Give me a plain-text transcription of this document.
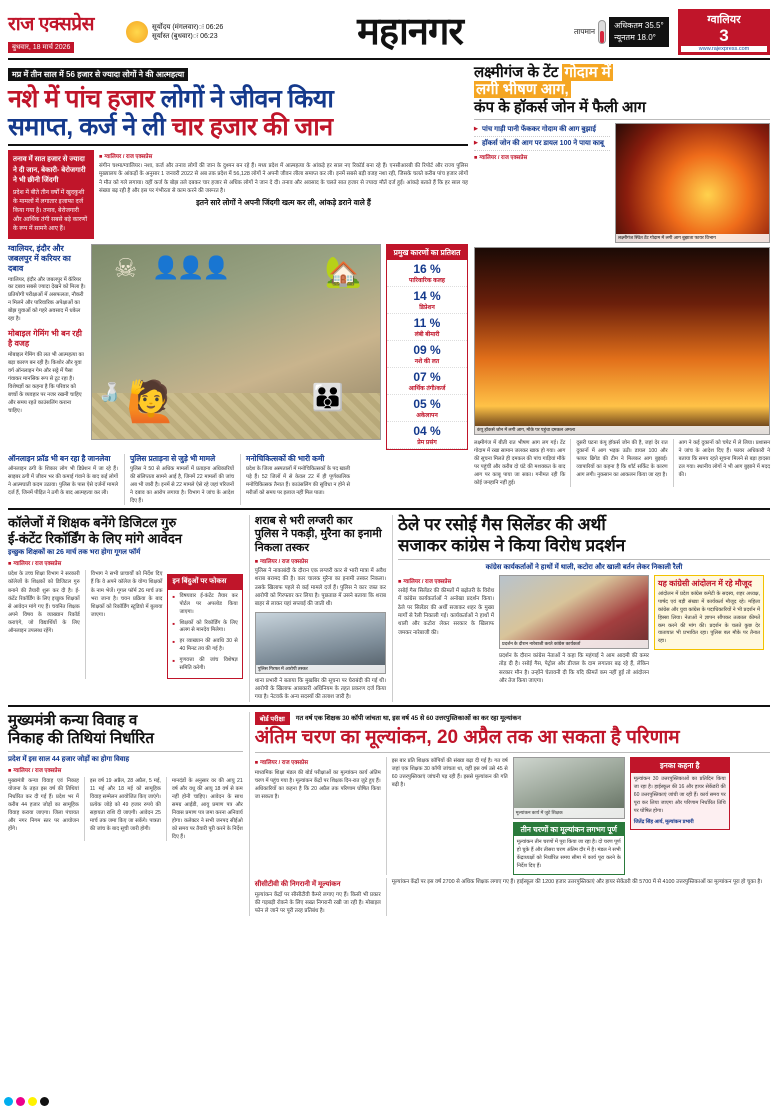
राज एक्सप्रेस
बुधवार, 18 मार्च 2026
सूर्योदय (मंगलवार)ः 06:26
सूर्यास्त (बुधवार)ः 06:23	महानगर	तापमान
अधिकतम 35.5°
न्यूनतम 18.0°
ग्वालियर
3
www.rajexpress.com
मप्र में तीन साल में 56 हजार से ज्यादा लोगों ने की आत्महत्या
नशे में पांच हजार लोगों ने जीवन किया
समाप्त, कर्ज ने ली चार हजार की जान
तनाव में सात हजार से ज्यादा ने दी जान, बेकारी- बेरोजगारी ने भी छीनी जिंदगी
प्रदेश में बीते तीन वर्षों में खुदकुशी के मामलों में लगातार इजाफा दर्ज किया गया है। तनाव, बेरोजगारी और आर्थिक तंगी सबसे बड़े कारणों के रूप में सामने आए हैं।
■ ग्वालियर / राज एक्सप्रेस
संगीन चश्मा/ग्वालियर। नशा, कर्ज और तनाव लोगों की जान के दुश्मन बन रहे हैं। मध्य प्रदेश में आत्महत्या के आंकड़े हर साल नए रिकॉर्ड बना रहे हैं। एनसीआरबी की रिपोर्ट और राज्य पुलिस मुख्यालय के आंकड़ों के अनुसार 1 जनवरी 2022 से अब तक प्रदेश में 56,128 लोगों ने अपनी जीवन लीला समाप्त कर ली। इनमें सबसे बड़ी वजह नशा रही, जिसके चलते करीब पांच हजार लोगों ने मौत को गले लगाया। वहीं कर्ज के बोझ तले दबकर चार हजार से अधिक लोगों ने जान दे दी। तनाव और अवसाद के चलते सात हजार से ज्यादा मौतें दर्ज हुईं। आंकड़े बताते हैं कि हर साल यह संख्या बढ़ रही है और इस पर गंभीरता से काम करने की जरूरत है।
इतने सारे लोगों ने अपनी जिंदगी खत्म कर ली, आंकड़े डराने वाले हैं
ग्वालियर, इंदौर और जबलपुर में करियर का दबाव
ग्वालियर, इंदौर और जबलपुर में कॅरियर का दबाव सबसे ज्यादा देखने को मिला है। प्रतियोगी परीक्षाओं में असफलता, नौकरी न मिलने और पारिवारिक अपेक्षाओं का बोझ युवाओं को गहरे अवसाद में धकेल रहा है।
मोबाइल गेमिंग भी बन रही है वजह
मोबाइल गेमिंग की लत भी आत्महत्या का बड़ा कारण बन रही है। किशोर और युवा वर्ग ऑनलाइन गेम और सट्टे में पैसा गंवाकर मानसिक रूप से टूट रहा है। विशेषज्ञों का कहना है कि परिवार को बच्चों के व्यवहार पर नजर रखनी चाहिए और समय रहते काउंसलिंग कराना चाहिए।
☠ 👤👤👤	🏡
🍶 🙋	👪
प्रमुख कारणों का प्रतिशत
16 %
पारिवारिक कलह
14 %
डिप्रेशन
11 %
लंबी बीमारी
09 %
नशे की लत
07 %
आर्थिक तंगी/कर्ज
05 %
अकेलापन
04 %
प्रेम प्रसंग
ऑनलाइन फ्रॉड भी बन रहा है जानलेवा
ऑनलाइन ठगी के शिकार लोग भी डिप्रेशन में जा रहे हैं। साइबर ठगी में जीवन भर की कमाई गंवाने के बाद कई लोगों ने आत्मघाती कदम उठाया। पुलिस के पास ऐसे दर्जनों मामले दर्ज हैं, जिनमें पीड़ित ने ठगी के बाद आत्महत्या कर ली।
पुलिस प्रताड़ना से जुड़े भी मामले
पुलिस ने 50 से अधिक मामलों में प्रताड़ना अधिकारियों की संलिप्तता सामने आई है, जिनमें 22 मामलों की जांच अब भी जारी है। इनमें से 22 मामले ऐसे रहे जहां परिजनों ने दबाव का आरोप लगाया है। विभाग ने जांच के आदेश दिए हैं।
मनोचिकित्सकों की भारी कमी
प्रदेश के जिला अस्पतालों में मनोचिकित्सकों के पद खाली पड़े हैं। 52 जिलों में से केवल 22 में ही पूर्णकालिक मनोचिकित्सक तैनात हैं। काउंसलिंग की सुविधा न होने से मरीजों को समय पर इलाज नहीं मिल पाता।
लक्ष्मीगंज के टेंट गोदाम में
लगी भीषण आग,
कंप के हॉकर्स जोन में फैली आग
▶ पांच गाड़ी पानी फेंककर गोदाम की आग बुझाई
▶ हॉकर्स जोन की आग पर डायल 100 ने पाया काबू
■ ग्वालियर / राज एक्सप्रेस
लक्ष्मीगंज स्थित टेंट गोदाम में लगी आग बुझाता फायर विभाग
कंपू हॉकर्स जोन में लगी आग, मौके पर पहुंचा दमकल अमला
लक्ष्मीगंज में बीती रात भीषण आग लग गई। टेंट गोदाम में रखा सामान जलकर खाक हो गया। आग की सूचना मिलते ही दमकल की पांच गाड़ियां मौके पर पहुंचीं और करीब दो घंटे की मशक्कत के बाद आग पर काबू पाया जा सका। गनीमत रही कि कोई जनहानि नहीं हुई।
दूसरी घटना कंपू हॉकर्स जोन की है, जहां देर रात दुकानों में आग भड़क उठी। डायल 100 और फायर ब्रिगेड की टीम ने मिलकर आग बुझाई। व्यापारियों का कहना है कि शॉर्ट सर्किट के कारण आग लगी। नुकसान का आकलन किया जा रहा है।
आग ने कई दुकानों को चपेट में ले लिया। प्रशासन ने जांच के आदेश दिए हैं। फायर अधिकारी ने बताया कि समय रहते सूचना मिलने से बड़ा हादसा टल गया। स्थानीय लोगों ने भी आग बुझाने में मदद की।
कॉलेजों में शिक्षक बनेंगे डिजिटल गुरु
ई-कंटेंट रिकॉर्डिंग के लिए मांगे आवेदन
इच्छुक शिक्षकों का 26 मार्च तक भरा होगा गूगल फॉर्म
■ ग्वालियर / राज एक्सप्रेस
प्रदेश के उच्च शिक्षा विभाग ने सरकारी कॉलेजों के शिक्षकों को डिजिटल गुरु बनाने की तैयारी शुरू कर दी है। ई-कंटेंट रिकॉर्डिंग के लिए इच्छुक शिक्षकों से आवेदन मांगे गए हैं। चयनित शिक्षक अपने विषय के व्याख्यान रिकॉर्ड कराएंगे, जो विद्यार्थियों के लिए ऑनलाइन उपलब्ध रहेंगे।
विभाग ने सभी प्राचार्यों को निर्देश दिए हैं कि वे अपने कॉलेज के योग्य शिक्षकों के नाम भेजें। गूगल फॉर्म 26 मार्च तक भरा जाना है। चयन प्रक्रिया के बाद शिक्षकों को रिकॉर्डिंग स्टूडियो में बुलाया जाएगा।
इन बिंदुओं पर फोकस
■ विषयवार ई-कंटेंट तैयार कर पोर्टल पर अपलोड किया जाएगा।
■ शिक्षकों को रिकॉर्डिंग के लिए अलग से मानदेय मिलेगा।
■ हर व्याख्यान की अवधि 30 से 40 मिनट तय की गई है।
■ गुणवत्ता की जांच विशेषज्ञ समिति करेगी।
शराब से भरी लग्जरी कार
पुलिस ने पकड़ी, मुरैना का इनामी निकला तस्कर
■ ग्वालियर / राज एक्सप्रेस
पुलिस ने नाकाबंदी के दौरान एक लग्जरी कार से भारी मात्रा में अवैध शराब बरामद की है। कार चालक मुरैना का इनामी तस्कर निकला। उसके खिलाफ पहले से कई मामले दर्ज हैं। पुलिस ने कार जब्त कर आरोपी को गिरफ्तार कर लिया है। पूछताछ में उसने बताया कि शराब बाहर से लाकर यहां सप्लाई की जाती थी।
पुलिस गिरफ्त में आरोपी तस्कर
थाना प्रभारी ने बताया कि मुखबिर की सूचना पर घेराबंदी की गई थी। आरोपी के खिलाफ आबकारी अधिनियम के तहत प्रकरण दर्ज किया गया है। नेटवर्क के अन्य सदस्यों की तलाश जारी है।
ठेले पर रसोई गैस सिलेंडर की अर्थी
सजाकर कांग्रेस ने किया विरोध प्रदर्शन
कांग्रेस कार्यकर्ताओं ने हाथों में थाली, कटोरा और खाली बर्तन लेकर निकाली रैली
■ ग्वालियर / राज एक्सप्रेस
रसोई गैस सिलेंडर की कीमतों में बढ़ोतरी के विरोध में कांग्रेस कार्यकर्ताओं ने अनोखा प्रदर्शन किया। ठेले पर सिलेंडर की अर्थी सजाकर शहर के मुख्य मार्गों से रैली निकाली गई। कार्यकर्ताओं ने हाथों में थाली और कटोरा लेकर सरकार के खिलाफ जमकर नारेबाजी की।
प्रदर्शन के दौरान नारेबाजी करते कांग्रेस कार्यकर्ता
प्रदर्शन के दौरान कांग्रेस नेताओं ने कहा कि महंगाई ने आम आदमी की कमर तोड़ दी है। रसोई गैस, पेट्रोल और डीजल के दाम लगातार बढ़ रहे हैं, लेकिन सरकार मौन है। उन्होंने चेतावनी दी कि यदि कीमतें कम नहीं हुईं तो आंदोलन और तेज किया जाएगा।
यह कांग्रेसी आंदोलन में रहे मौजूद
आंदोलन में प्रदेश कांग्रेस कमेटी के सदस्य, शहर अध्यक्ष, पार्षद एवं बड़ी संख्या में कार्यकर्ता मौजूद रहे। महिला कांग्रेस और युवा कांग्रेस के पदाधिकारियों ने भी प्रदर्शन में हिस्सा लिया। नेताओं ने ज्ञापन सौंपकर तत्काल कीमतें कम करने की मांग की। प्रदर्शन के चलते कुछ देर यातायात भी प्रभावित रहा। पुलिस बल मौके पर तैनात रहा।
मुख्यमंत्री कन्या विवाह व
निकाह की तिथियां निर्धारित
प्रदेश में इस साल 44 हजार जोड़ों का होगा विवाह
■ ग्वालियर / राज एक्सप्रेस
मुख्यमंत्री कन्या विवाह एवं निकाह योजना के तहत इस वर्ष की तिथियां निर्धारित कर दी गई हैं। प्रदेश भर में करीब 44 हजार जोड़ों का सामूहिक विवाह कराया जाएगा। जिला पंचायत और नगर निगम स्तर पर आयोजन होंगे।
इस वर्ष 19 अप्रैल, 28 अप्रैल, 5 मई, 11 मई और 18 मई को सामूहिक विवाह सम्मेलन आयोजित किए जाएंगे। प्रत्येक जोड़े को 49 हजार रुपये की सहायता राशि दी जाएगी। आवेदन 25 मार्च तक जमा किए जा सकेंगे। पात्रता की जांच के बाद सूची जारी होगी।
मानदंडों के अनुसार वर की आयु 21 वर्ष और वधू की आयु 18 वर्ष से कम नहीं होनी चाहिए। आवेदन के साथ समग्र आईडी, आयु प्रमाण पत्र और निवास प्रमाण पत्र जमा करना अनिवार्य होगा। कलेक्टर ने सभी जनपद सीईओ को समय पर तैयारी पूरी करने के निर्देश दिए हैं।
बोर्ड परीक्षा	गत वर्ष एक शिक्षक 30 कॉपी जांचता था, इस वर्ष 45 से 60 उत्तरपुस्तिकाओं का कर रहा मूल्यांकन
अंतिम चरण का मूल्यांकन, 20 अप्रैल तक आ सकता है परिणाम
■ ग्वालियर / राज एक्सप्रेस
माध्यमिक शिक्षा मंडल की बोर्ड परीक्षाओं का मूल्यांकन कार्य अंतिम चरण में पहुंच गया है। मूल्यांकन केंद्रों पर शिक्षक दिन-रात जुटे हुए हैं। अधिकारियों का कहना है कि 20 अप्रैल तक परिणाम घोषित किया जा सकता है।
इस बार प्रति शिक्षक कॉपियों की संख्या बढ़ा दी गई है। गत वर्ष जहां एक शिक्षक 30 कॉपी जांचता था, वहीं इस वर्ष उसे 45 से 60 उत्तरपुस्तिकाएं जांचनी पड़ रही हैं। इससे मूल्यांकन की गति बढ़ी है।
मूल्यांकन कार्य में जुटे शिक्षक
तीन चरणों का मूल्यांकन लगभग पूर्ण
मूल्यांकन तीन चरणों में पूरा किया जा रहा है। दो चरण पूर्ण हो चुके हैं और तीसरा चरण अंतिम दौर में है। मंडल ने सभी केंद्राध्यक्षों को निर्धारित समय सीमा में कार्य पूरा करने के निर्देश दिए हैं।
इनका कहना है
मूल्यांकन 30 उत्तरपुस्तिकाओं का प्रतिदिन किया जा रहा है। हाईस्कूल की 16 और हायर सेकेंडरी की 60 उत्तरपुस्तिकाएं जांची जा रही हैं। कार्य समय पर पूरा कर लिया जाएगा और परिणाम निर्धारित तिथि पर घोषित होगा।
जितेंद्र सिंह आर्य, मूल्यांकन प्रभारी
सीसीटीवी की निगरानी में मूल्यांकन
मूल्यांकन केंद्रों पर सीसीटीवी कैमरे लगाए गए हैं। किसी भी प्रकार की गड़बड़ी रोकने के लिए सख्त निगरानी रखी जा रही है। मोबाइल फोन ले जाने पर पूरी तरह प्रतिबंध है।
मूल्यांकन केंद्रों पर इस वर्ष 2700 से अधिक शिक्षक लगाए गए हैं। हाईस्कूल की 1200 हजार उत्तरपुस्तिकाएं और हायर सेकेंडरी की 5700 में से 4100 उत्तरपुस्तिकाओं का मूल्यांकन पूरा हो चुका है।
